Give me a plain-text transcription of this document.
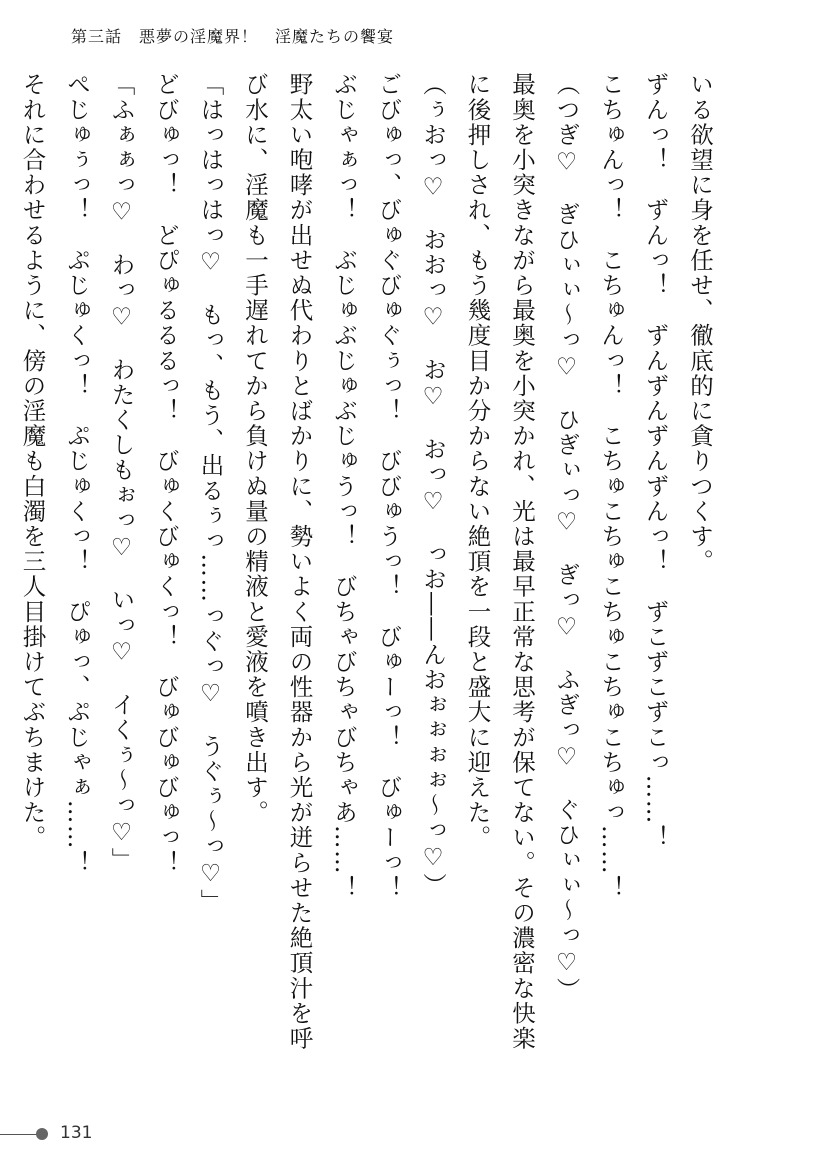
第三話　悪夢の淫魔界！　淫魔たちの饗宴
いる欲望に身を任せ、徹底的に貪りつくす。
ずんっ！　ずんっ！　ずんずんずんずんっ！　ずこずこずこっ……！
こちゅんっ！　こちゅんっ！　こちゅこちゅこちゅこちゅこちゅっ……！
（つぎ♡　ぎひぃぃ～っ♡　ひぎぃっ♡　ぎっ♡　ふぎっ♡　ぐひぃぃ～っ♡）
最奥を小突きながら最奥を小突かれ、光は最早正常な思考が保てない。その濃密な快楽
に後押しされ、もう幾度目か分からない絶頂を一段と盛大に迎えた。
（ぅおっ♡　おおっ♡　お♡　おっ♡　っお――んおぉぉぉぉ～っ♡）
ごびゅっ、びゅぐびゅぐぅっ！　びびゅうっ！　びゅーっ！　びゅーっ！
ぶじゃぁっ！　ぶじゅぶじゅぶじゅうっ！　びちゃびちゃびちゃあ……！
野太い咆哮が出せぬ代わりとばかりに、勢いよく両の性器から光が迸らせた絶頂汁を呼
び水に、淫魔も一手遅れてから負けぬ量の精液と愛液を噴き出す。
「はっはっはっ♡　もっ、もう、出るぅっ……っぐっ♡　うぐぅ～っ♡」
どびゅっ！　どぴゅるるるっ！　びゅくびゅくっ！　びゅびゅびゅっ！
「ふぁぁっ♡　わっ♡　わたくしもぉっ♡　いっ♡　イくぅ～っ♡」
ぺじゅぅっ！　ぷじゅくっ！　ぷじゅくっ！　ぴゅっ、ぷじゃぁ……！
それに合わせるように、傍の淫魔も白濁を三人目掛けてぶちまけた。
131
